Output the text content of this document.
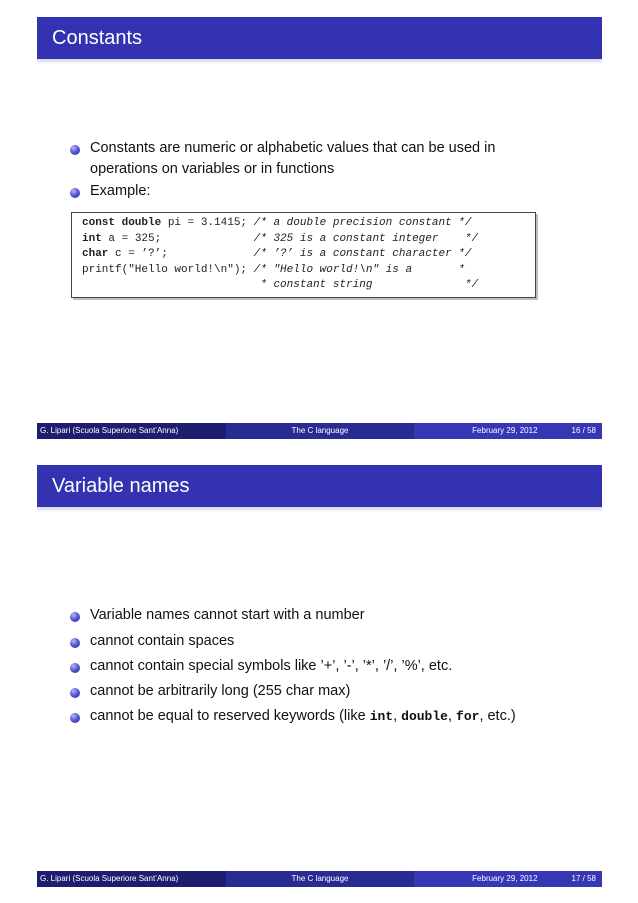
Constants
Constants are numeric or alphabetic values that can be used in
operations on variables or in functions
Example:
const double pi = 3.1415; /* a double precision constant */
int a = 325;              /* 325 is a constant integer    */
char c = ’?’;             /* ’?’ is a constant character */
printf("Hello world!\n"); /* "Hello world!\n" is a       *
* constant string              */
G. Lipari (Scuola Superiore Sant’Anna)	The C language	February 29, 2012	16 / 58
Variable names
Variable names cannot start with a number
cannot contain spaces
cannot contain special symbols like ’+’, ’-’, ’*’, ’/’, ’%’, etc.
cannot be arbitrarily long (255 char max)
cannot be equal to reserved keywords (like int, double, for, etc.)
G. Lipari (Scuola Superiore Sant’Anna)	The C language	February 29, 2012	17 / 58
